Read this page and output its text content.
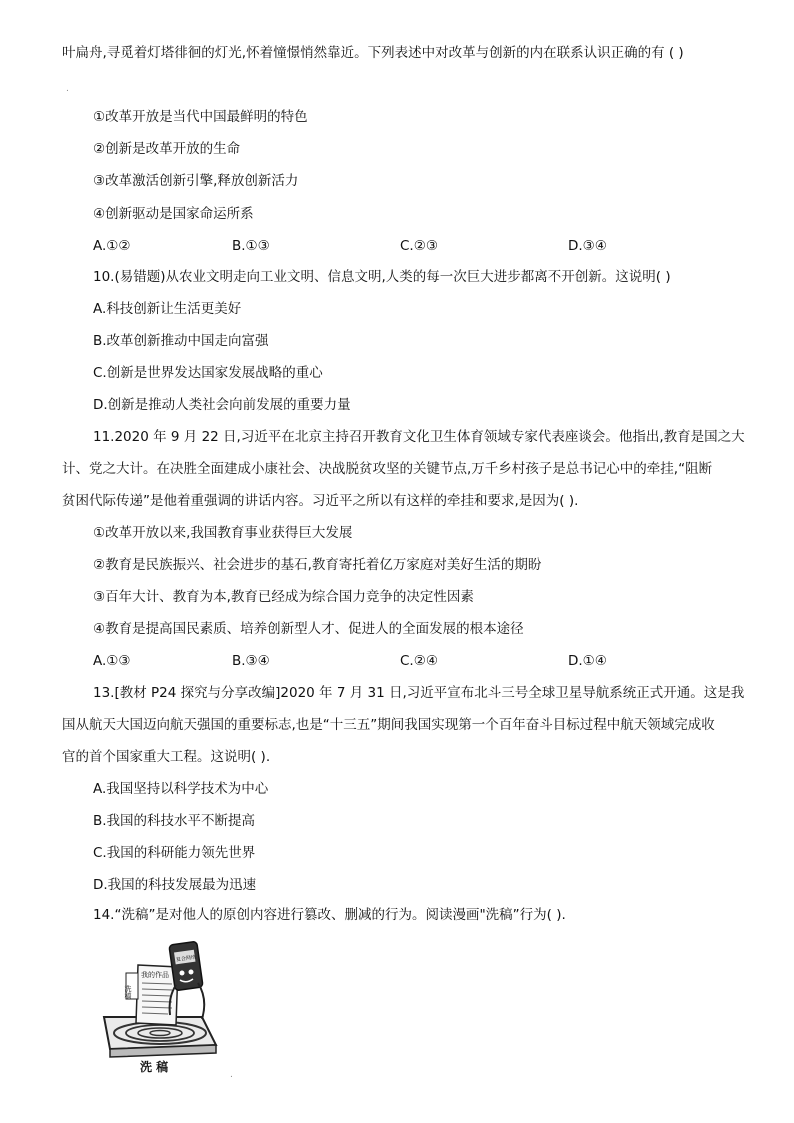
叶扁舟,寻觅着灯塔徘徊的灯光,怀着憧憬悄然靠近。下列表述中对改革与创新的内在联系认识正确的有 ( )
.
①改革开放是当代中国最鲜明的特色
②创新是改革开放的生命
③改革激活创新引擎,释放创新活力
④创新驱动是国家命运所系
A.①②	B.①③	C.②③	D.③④
10.(易错题)从农业文明走向工业文明、信息文明,人类的每一次巨大进步都离不开创新。这说明( )
A.科技创新让生活更美好
B.改革创新推动中国走向富强
C.创新是世界发达国家发展战略的重心
D.创新是推动人类社会向前发展的重要力量
11.2020 年 9 月 22 日,习近平在北京主持召开教育文化卫生体育领域专家代表座谈会。他指出,教育是国之大
计、党之大计。在决胜全面建成小康社会、决战脱贫攻坚的关键节点,万千乡村孩子是总书记心中的牵挂,“阻断
贫困代际传递”是他着重强调的讲话内容。习近平之所以有这样的牵挂和要求,是因为( ).
①改革开放以来,我国教育事业获得巨大发展
②教育是民族振兴、社会进步的基石,教育寄托着亿万家庭对美好生活的期盼
③百年大计、教育为本,教育已经成为综合国力竞争的决定性因素
④教育是提高国民素质、培养创新型人才、促进人的全面发展的根本途径
A.①③	B.③④	C.②④	D.①④
13.[教材 P24 探究与分享改编]2020 年 7 月 31 日,习近平宣布北斗三号全球卫星导航系统正式开通。这是我
国从航天大国迈向航天强国的重要标志,也是“十三五”期间我国实现第一个百年奋斗目标过程中航天领域完成收
官的首个国家重大工程。这说明( ).
A.我国坚持以科学技术为中心
B.我国的科技水平不断提高
C.我国的科研能力领先世界
D.我国的科技发展最为迅速
14.“洗稿”是对他人的原创内容进行篡改、删减的行为。阅读漫画"洗稿”行为( ).
我的作品
洗稿
复合网络
洗 稿
.
